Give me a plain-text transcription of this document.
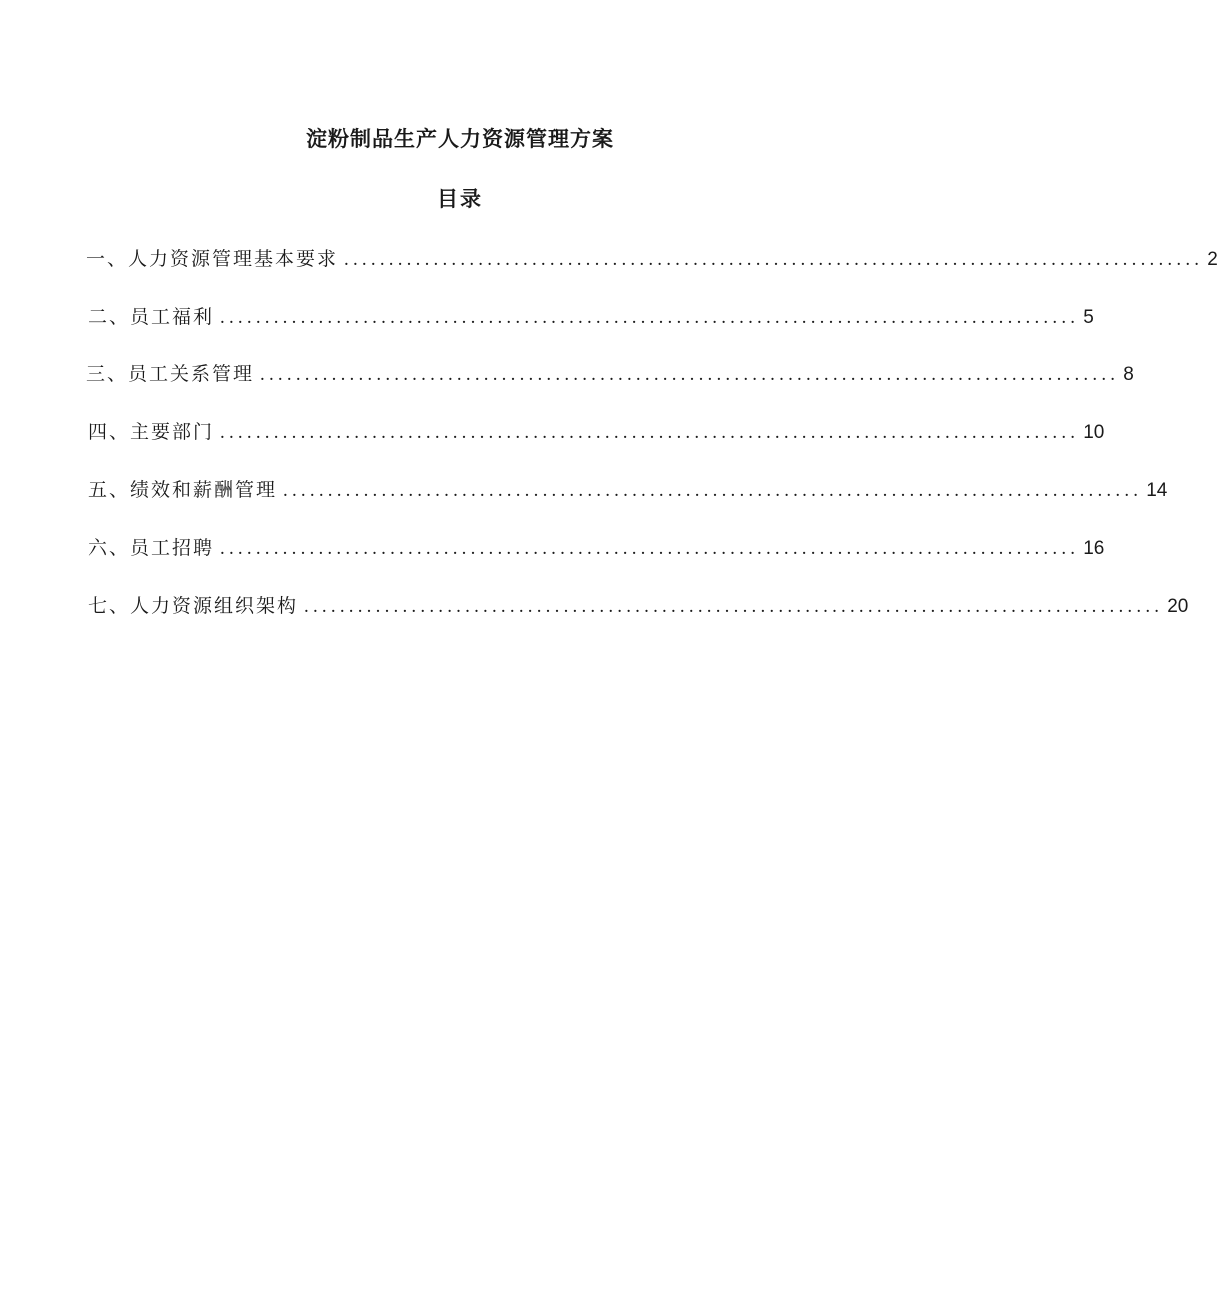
淀粉制品生产人力资源管理方案
目录
一、人力资源管理基本要求 ................................................................................................ 2
二、员工福利 ................................................................................................ 5
三、员工关系管理 ................................................................................................ 8
四、主要部门 ................................................................................................ 10
五、绩效和薪酬管理 ................................................................................................ 14
六、员工招聘 ................................................................................................ 16
七、人力资源组织架构 ................................................................................................ 20
